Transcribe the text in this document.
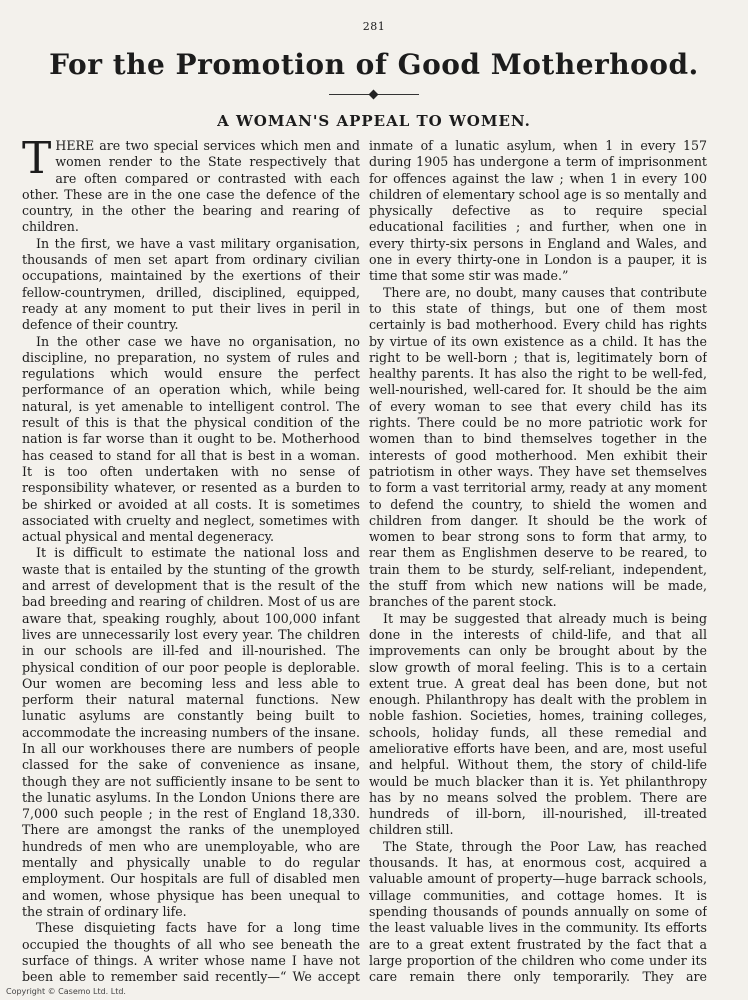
281
For the Promotion of Good Motherhood.
A WOMAN'S APPEAL TO WOMEN.

THERE are two special services which men and women render to the State respectively that are often compared or contrasted with each other. These are in the one case the defence of the country, in the other the bearing and rearing of children.

In the first, we have a vast military organisation, thousands of men set apart from ordinary civilian occupations, maintained by the exertions of their fellow-countrymen, drilled, disciplined, equipped, ready at any moment to put their lives in peril in defence of their country.

In the other case we have no organisation, no discipline, no preparation, no system of rules and regulations which would ensure the perfect performance of an operation which, while being natural, is yet amenable to intelligent control. The result of this is that the physical condition of the nation is far worse than it ought to be. Motherhood has ceased to stand for all that is best in a woman. It is too often undertaken with no sense of responsibility whatever, or resented as a burden to be shirked or avoided at all costs. It is sometimes associated with cruelty and neglect, sometimes with actual physical and mental degeneracy.

It is difficult to estimate the national loss and waste that is entailed by the stunting of the growth and arrest of development that is the result of the bad breeding and rearing of children. Most of us are aware that, speaking roughly, about 100,000 infant lives are unnecessarily lost every year. The children in our schools are ill-fed and ill-nourished. The physical condition of our poor people is deplorable. Our women are becoming less and less able to perform their natural maternal functions. New lunatic asylums are constantly being built to accommodate the increasing numbers of the insane. In all our workhouses there are numbers of people classed for the sake of convenience as insane, though they are not sufficiently insane to be sent to the lunatic asylums. In the London Unions there are 7,000 such people ; in the rest of England 18,330. There are amongst the ranks of the unemployed hundreds of men who are unemployable, who are mentally and physically unable to do regular employment. Our hospitals are full of disabled men and women, whose physique has been unequal to the strain of ordinary life.

These disquieting facts have for a long time occupied the thoughts of all who see beneath the surface of things. A writer whose name I have not been able to remember said recently—“ We accept

inmate of a lunatic asylum, when 1 in every 157 during 1905 has undergone a term of imprisonment for offences against the law ; when 1 in every 100 children of elementary school age is so mentally and physically defective as to require special educational facilities ; and further, when one in every thirty-six persons in England and Wales, and one in every thirty-one in London is a pauper, it is time that some stir was made.”

There are, no doubt, many causes that contribute to this state of things, but one of them most certainly is bad motherhood. Every child has rights by virtue of its own existence as a child. It has the right to be well-born ; that is, legitimately born of healthy parents. It has also the right to be well-fed, well-nourished, well-cared for. It should be the aim of every woman to see that every child has its rights. There could be no more patriotic work for women than to bind themselves together in the interests of good motherhood. Men exhibit their patriotism in other ways. They have set themselves to form a vast territorial army, ready at any moment to defend the country, to shield the women and children from danger. It should be the work of women to bear strong sons to form that army, to rear them as Englishmen deserve to be reared, to train them to be sturdy, self-reliant, independent, the stuff from which new nations will be made, branches of the parent stock.

It may be suggested that already much is being done in the interests of child-life, and that all improvements can only be brought about by the slow growth of moral feeling. This is to a certain extent true. A great deal has been done, but not enough. Philanthropy has dealt with the problem in noble fashion. Societies, homes, training colleges, schools, holiday funds, all these remedial and ameliorative efforts have been, and are, most useful and helpful. Without them, the story of child-life would be much blacker than it is. Yet philanthropy has by no means solved the problem. There are hundreds of ill-born, ill-nourished, ill-treated children still.

The State, through the Poor Law, has reached thousands. It has, at enormous cost, acquired a valuable amount of property—huge barrack schools, village communities, and cottage homes. It is spending thousands of pounds annually on some of the least valuable lives in the community. Its efforts are to a great extent frustrated by the fact that a large proportion of the children who come under its care remain there only temporarily. They are

Copyright © Casemo Ltd. Ltd.
